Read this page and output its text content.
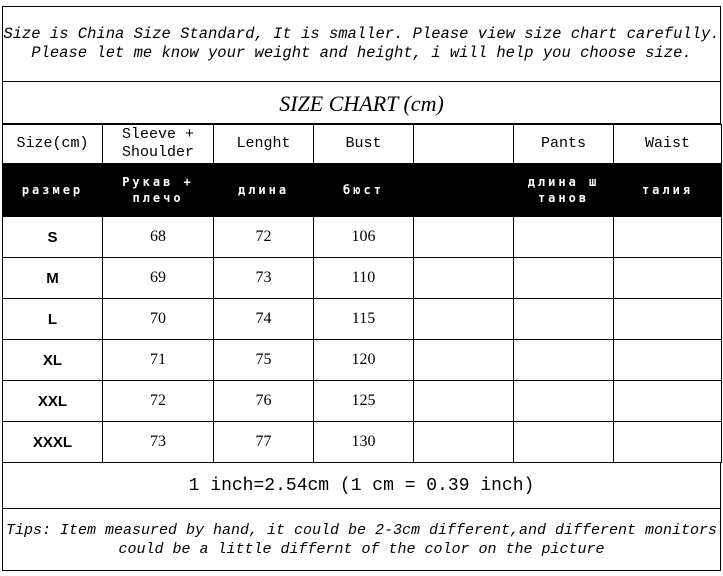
Size is China Size Standard, It is smaller. Please view size chart carefully.
Please let me know your weight and height, i will help you choose size.
SIZE CHART (cm)
Size(cm)	Sleeve + Shoulder	Lenght	Bust		Pants	Waist
размер	Рукав + плечо	длина	бюст		длина ш танов	талия
S	68	72	106			
M	69	73	110			
L	70	74	115			
XL	71	75	120			
XXL	72	76	125			
XXXL	73	77	130			
1 inch=2.54cm (1 cm = 0.39 inch)
Tips: Item measured by hand, it could be 2-3cm different,and different monitors
could be a little differnt of the color on the picture
